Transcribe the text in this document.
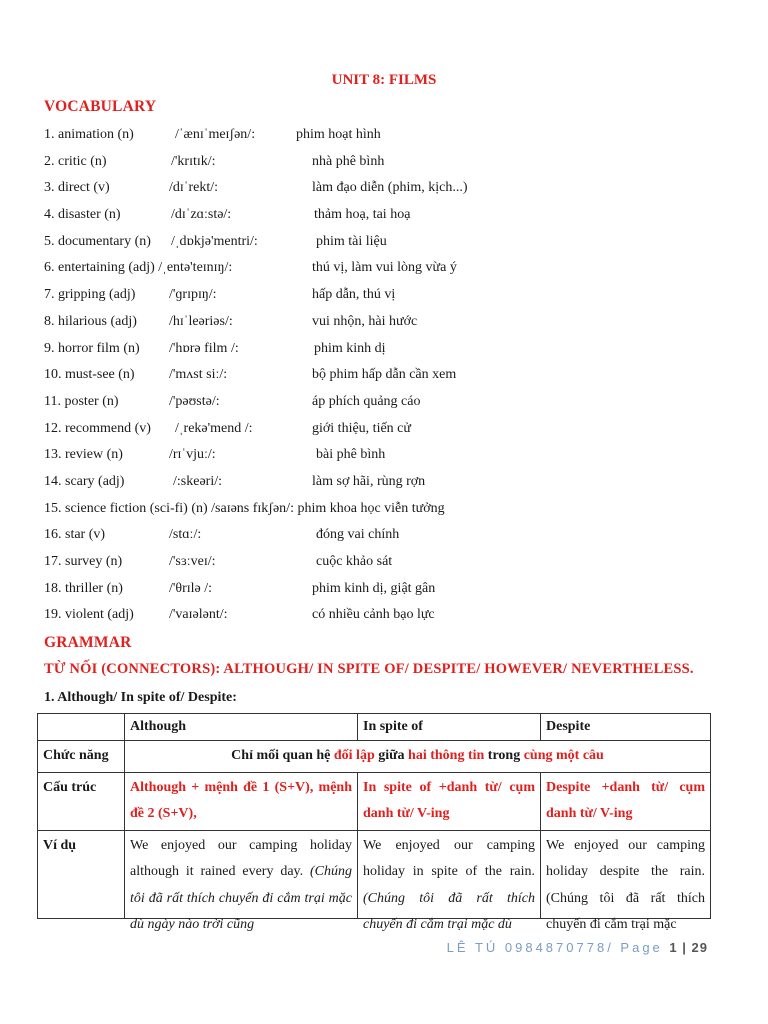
UNIT 8: FILMS
VOCABULARY
1. animation (n)	/ˈænɪˈmeɪʃən/:	phim hoạt hình
2. critic (n)	/'krɪtɪk/:	nhà phê bình
3. direct (v)	/dɪˈrekt/:	làm đạo diễn (phim, kịch...)
4. disaster (n)	/dɪˈzɑːstə/:	thảm hoạ, tai hoạ
5. documentary (n) /ˌdɒkjə'mentri/:	phim tài liệu
6. entertaining (adj) /ˌentə'teɪnɪŋ/:	thú vị, làm vui lòng vừa ý
7. gripping (adj) /'ɡrɪpɪŋ/:	hấp dẫn, thú vị
8. hilarious (adj) /hɪˈleəriəs/:	vui nhộn, hài hước
9. horror film (n) /'hɒrə film /:	phim kinh dị
10. must-see (n) /'mʌst siː/:	bộ phim hấp dẫn cần xem
11. poster (n)	/'pəʊstə/:	áp phích quảng cáo
12. recommend (v) /ˌrekə'mend /:	giới thiệu, tiến cử
13. review (n)	/rɪˈvjuː/:	bài phê bình
14. scary (adj)	/:skeəri/:	làm sợ hãi, rùng rợn
15. science fiction (sci-fi) (n) /saɪəns fɪkʃən/: phim khoa học viễn tưởng
16. star (v)	/stɑː/:	đóng vai chính
17. survey (n)	/'sɜːveɪ/:	cuộc khảo sát
18. thriller (n)	/'θrɪlə /:	phim kinh dị, giật gân
19. violent (adj)	/'vaɪələnt/:	có nhiều cảnh bạo lực
GRAMMAR
TỪ NỐI (CONNECTORS): ALTHOUGH/ IN SPITE OF/ DESPITE/ HOWEVER/ NEVERTHELESS.
1. Although/ In spite of/ Despite:
	Although	In spite of	Despite
Chức năng	Chỉ mối quan hệ đối lập giữa hai thông tin trong cùng một câu		
Cấu trúc	Although + mệnh đề 1 (S+V), mệnh đề 2 (S+V),	In spite of +danh từ/ cụm danh từ/ V-ing	Despite +danh từ/ cụm danh từ/ V-ing
Ví dụ	We enjoyed our camping holiday although it rained every day. (Chúng tôi đã rất thích chuyến đi cắm trại mặc dù ngày nào trời cũng	We enjoyed our camping holiday in spite of the rain. (Chúng tôi đã rất thích chuyến đi cắm trại mặc dù	We enjoyed our camping holiday despite the rain. (Chúng tôi đã rất thích chuyến đi cắm trại mặc
LÊ TÚ 0984870778/ Page 1 | 29
